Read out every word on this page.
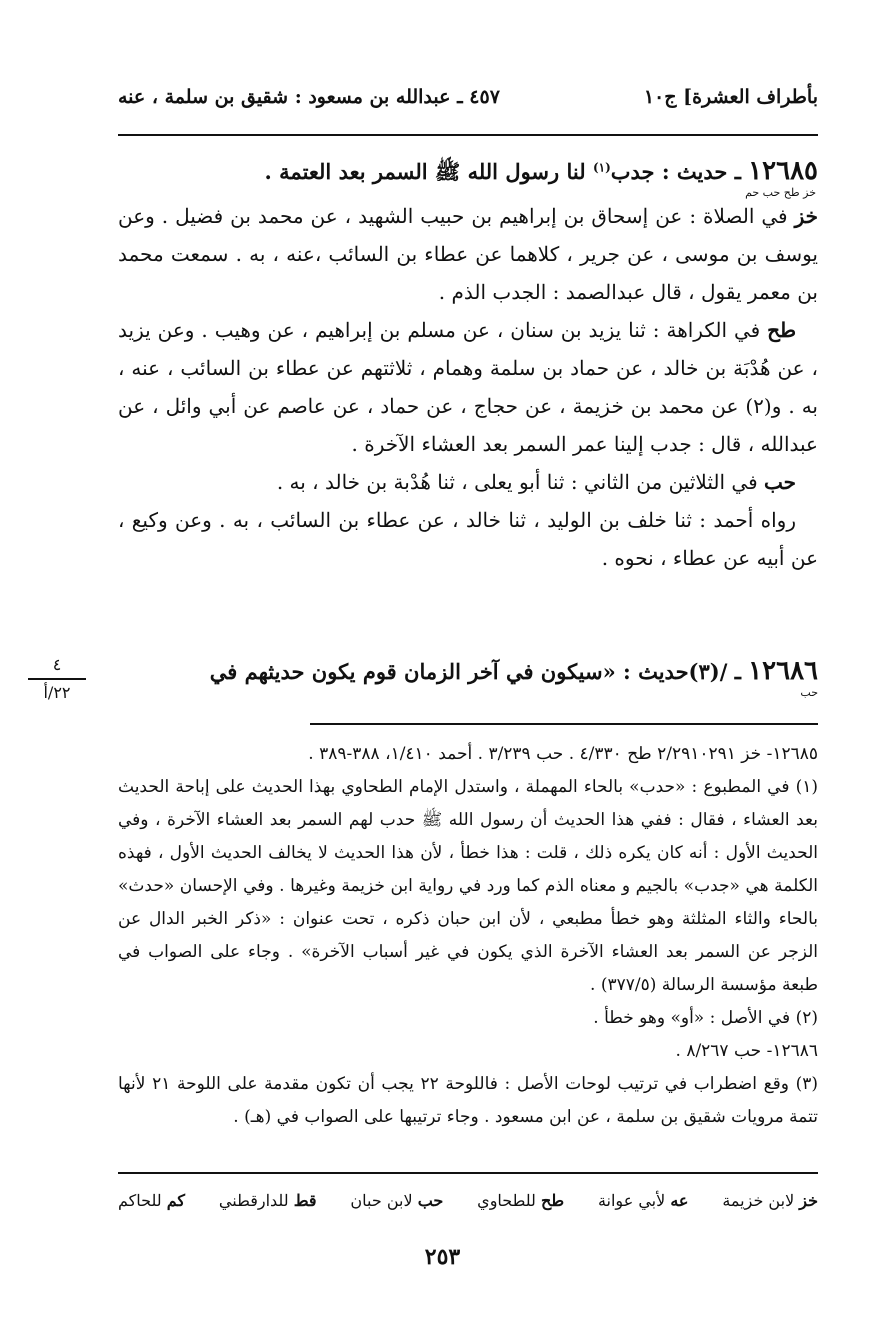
بأطراف العشرة] ج١٠
٤٥٧ ـ عبدالله بن مسعود : شقيق بن سلمة ، عنه

١٢٦٨٥ ـ حديث : جدب$^{(١)}$ لنا رسول الله ﷺ السمر بعد العتمة .

خز طح حب حم

خز في الصلاة : عن إسحاق بن إبراهيم بن حبيب الشهيد ، عن محمد بن فضيل . وعن يوسف بن موسى ، عن جرير ، كلاهما عن عطاء بن السائب ،عنه ، به . سمعت محمد بن معمر يقول ، قال عبدالصمد : الجدب الذم .

طح في الكراهة : ثنا يزيد بن سنان ، عن مسلم بن إبراهيم ، عن وهيب . وعن يزيد ، عن هُدْبَة بن خالد ، عن حماد بن سلمة وهمام ، ثلاثتهم عن عطاء بن السائب ، عنه ، به . و(٢) عن محمد بن خزيمة ، عن حجاج ، عن حماد ، عن عاصم عن أبي وائل ، عن عبدالله ، قال : جدب إلينا عمر السمر بعد العشاء الآخرة .

حب في الثلاثين من الثاني : ثنا أبو يعلى ، ثنا هُدْبة بن خالد ، به .

رواه أحمد : ثنا خلف بن الوليد ، ثنا خالد ، عن عطاء بن السائب ، به . وعن وكيع ، عن أبيه عن عطاء ، نحوه .

١٢٦٨٦ ـ /(٣)حديث : «سيكون في آخر الزمان قوم يكون حديثهم في
حب
٤
٢٢/أ

١٢٦٨٥- خز ٢/٢٩١٠٢٩١ طح ٤/٣٣٠ . حب ٣/٢٣٩ . أحمد ١/٤١٠، ٣٨٨-٣٨٩ .

(١) في المطبوع : «حدب» بالحاء المهملة ، واستدل الإمام الطحاوي بهذا الحديث على إباحة الحديث بعد العشاء ، فقال : ففي هذا الحديث أن رسول الله ﷺ حدب لهم السمر بعد العشاء الآخرة ، وفي الحديث الأول : أنه كان يكره ذلك ، قلت : هذا خطأ ، لأن هذا الحديث لا يخالف الحديث الأول ، فهذه الكلمة هي «جدب» بالجيم و معناه الذم كما ورد في رواية ابن خزيمة وغيرها . وفي الإحسان «حدث» بالحاء والثاء المثلثة وهو خطأ مطبعي ، لأن ابن حبان ذكره ، تحت عنوان : «ذكر الخبر الدال عن الزجر عن السمر بعد العشاء الآخرة الذي يكون في غير أسباب الآخرة» . وجاء على الصواب في طبعة مؤسسة الرسالة (٣٧٧/٥) .

(٢) في الأصل : «أو» وهو خطأ .

١٢٦٨٦- حب ٨/٢٦٧ .

(٣) وقع اضطراب في ترتيب لوحات الأصل : فاللوحة ٢٢ يجب أن تكون مقدمة على اللوحة ٢١ لأنها تتمة مرويات شقيق بن سلمة ، عن ابن مسعود . وجاء ترتيبها على الصواب في (هـ) .

خز لابن خزيمة
عه لأبي عوانة
طح للطحاوي
حب لابن حبان
قط للدارقطني
كم للحاكم
٢٥٣
